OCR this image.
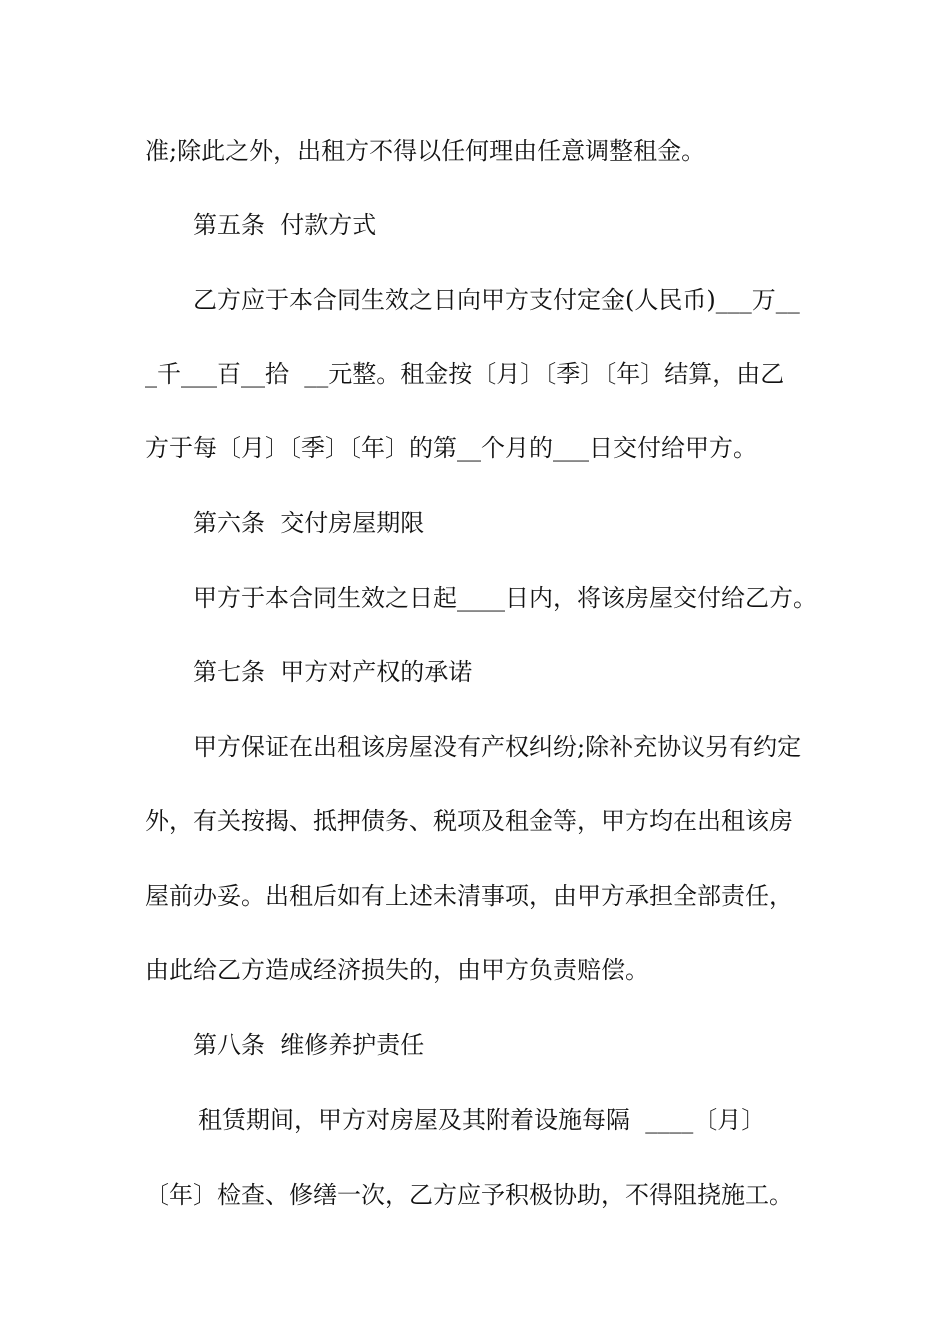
准;除此之外，出租方不得以任何理由任意调整租金。
第五条  付款方式
乙方应于本合同生效之日向甲方支付定金(人民币)___万__
_千___百__拾  __元整。租金按〔月〕〔季〕〔年〕结算，由乙
方于每〔月〕〔季〕〔年〕的第__个月的___日交付给甲方。
第六条  交付房屋期限
甲方于本合同生效之日起____日内，将该房屋交付给乙方。
第七条  甲方对产权的承诺
甲方保证在出租该房屋没有产权纠纷;除补充协议另有约定
外，有关按揭、抵押债务、税项及租金等，甲方均在出租该房
屋前办妥。出租后如有上述未清事项，由甲方承担全部责任，
由此给乙方造成经济损失的，由甲方负责赔偿。
第八条  维修养护责任
租赁期间，甲方对房屋及其附着设施每隔  ____〔月〕
〔年〕检查、修缮一次，乙方应予积极协助，不得阻挠施工。
